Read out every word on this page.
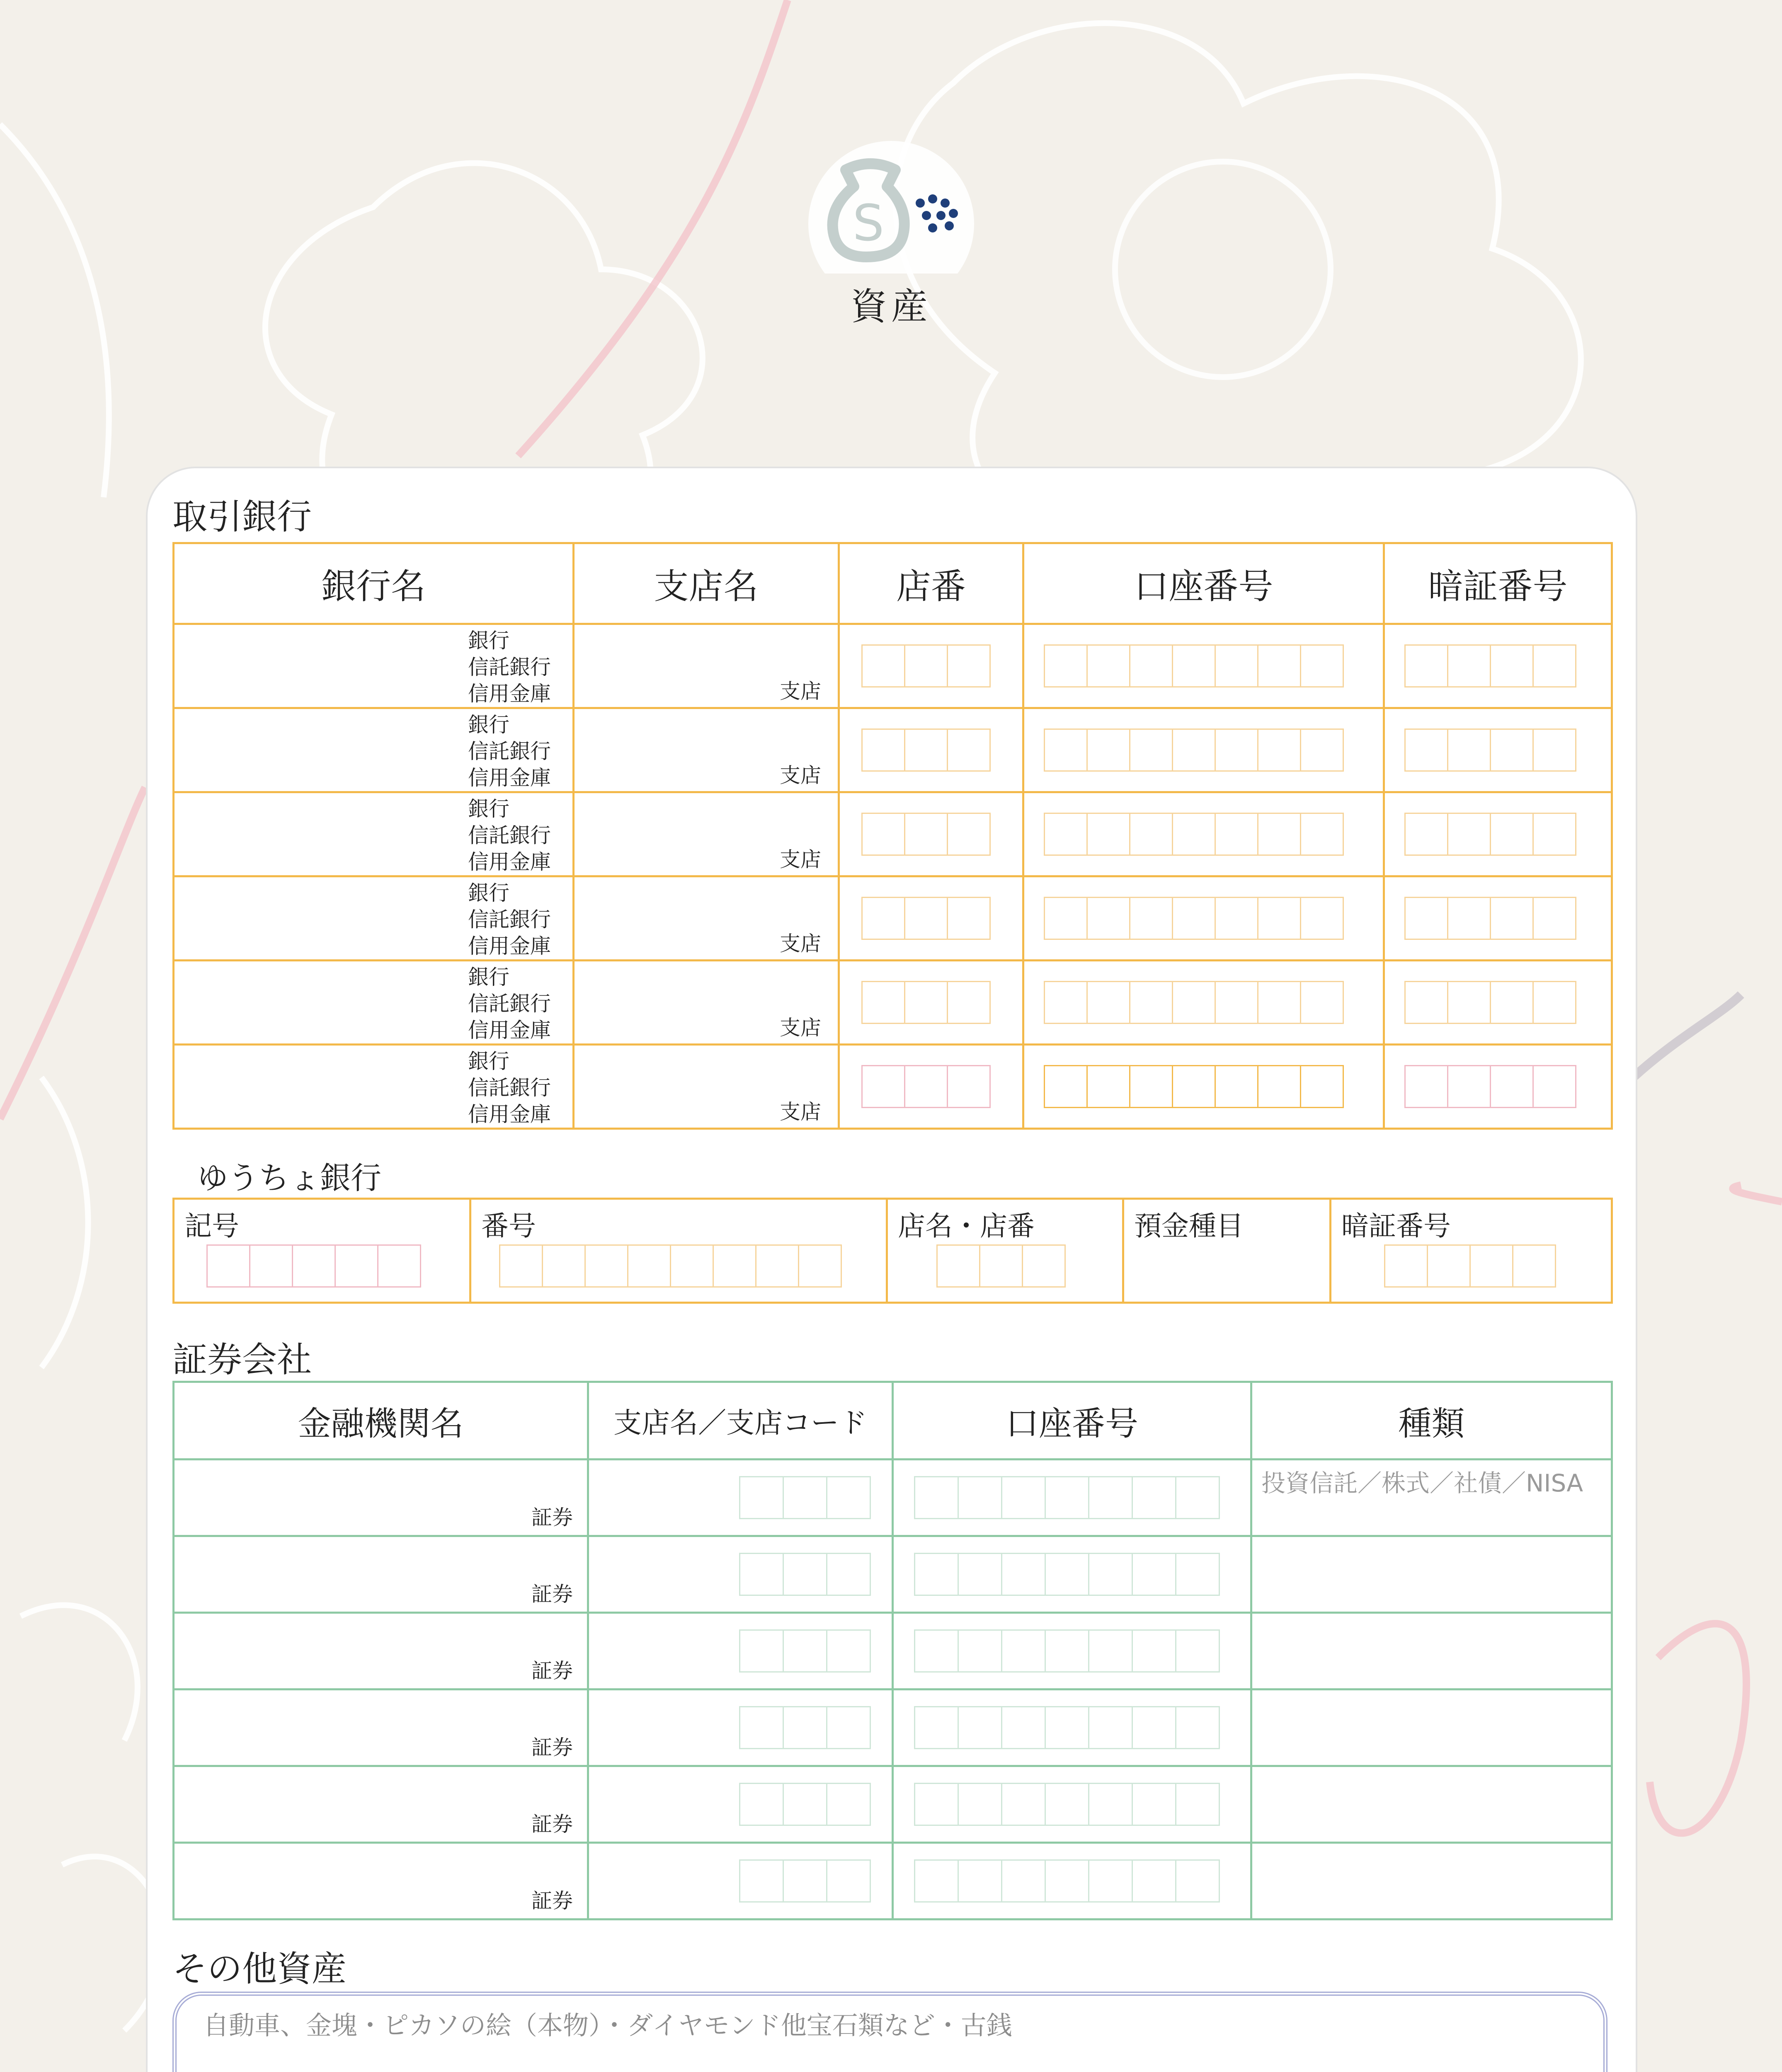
S
資産
取引銀行
銀行名	支店名	店番	口座番号	暗証番号

銀行
信託銀行
信用金庫	支店			

銀行
信託銀行
信用金庫	支店			

銀行
信託銀行
信用金庫	支店			

銀行
信託銀行
信用金庫	支店			

銀行
信託銀行
信用金庫	支店			

銀行
信託銀行
信用金庫	支店			

ゆうちょ銀行
記号	番号	店名・店番	預金種目	暗証番号
証券会社
金融機関名	支店名／支店コード	口座番号	種類

証券			投資信託／株式／社債／NISA

証券			

証券			

証券			

証券			

証券			

その他資産
自動車、金塊・ピカソの絵（本物）・ダイヤモンド他宝石類など・古銭
